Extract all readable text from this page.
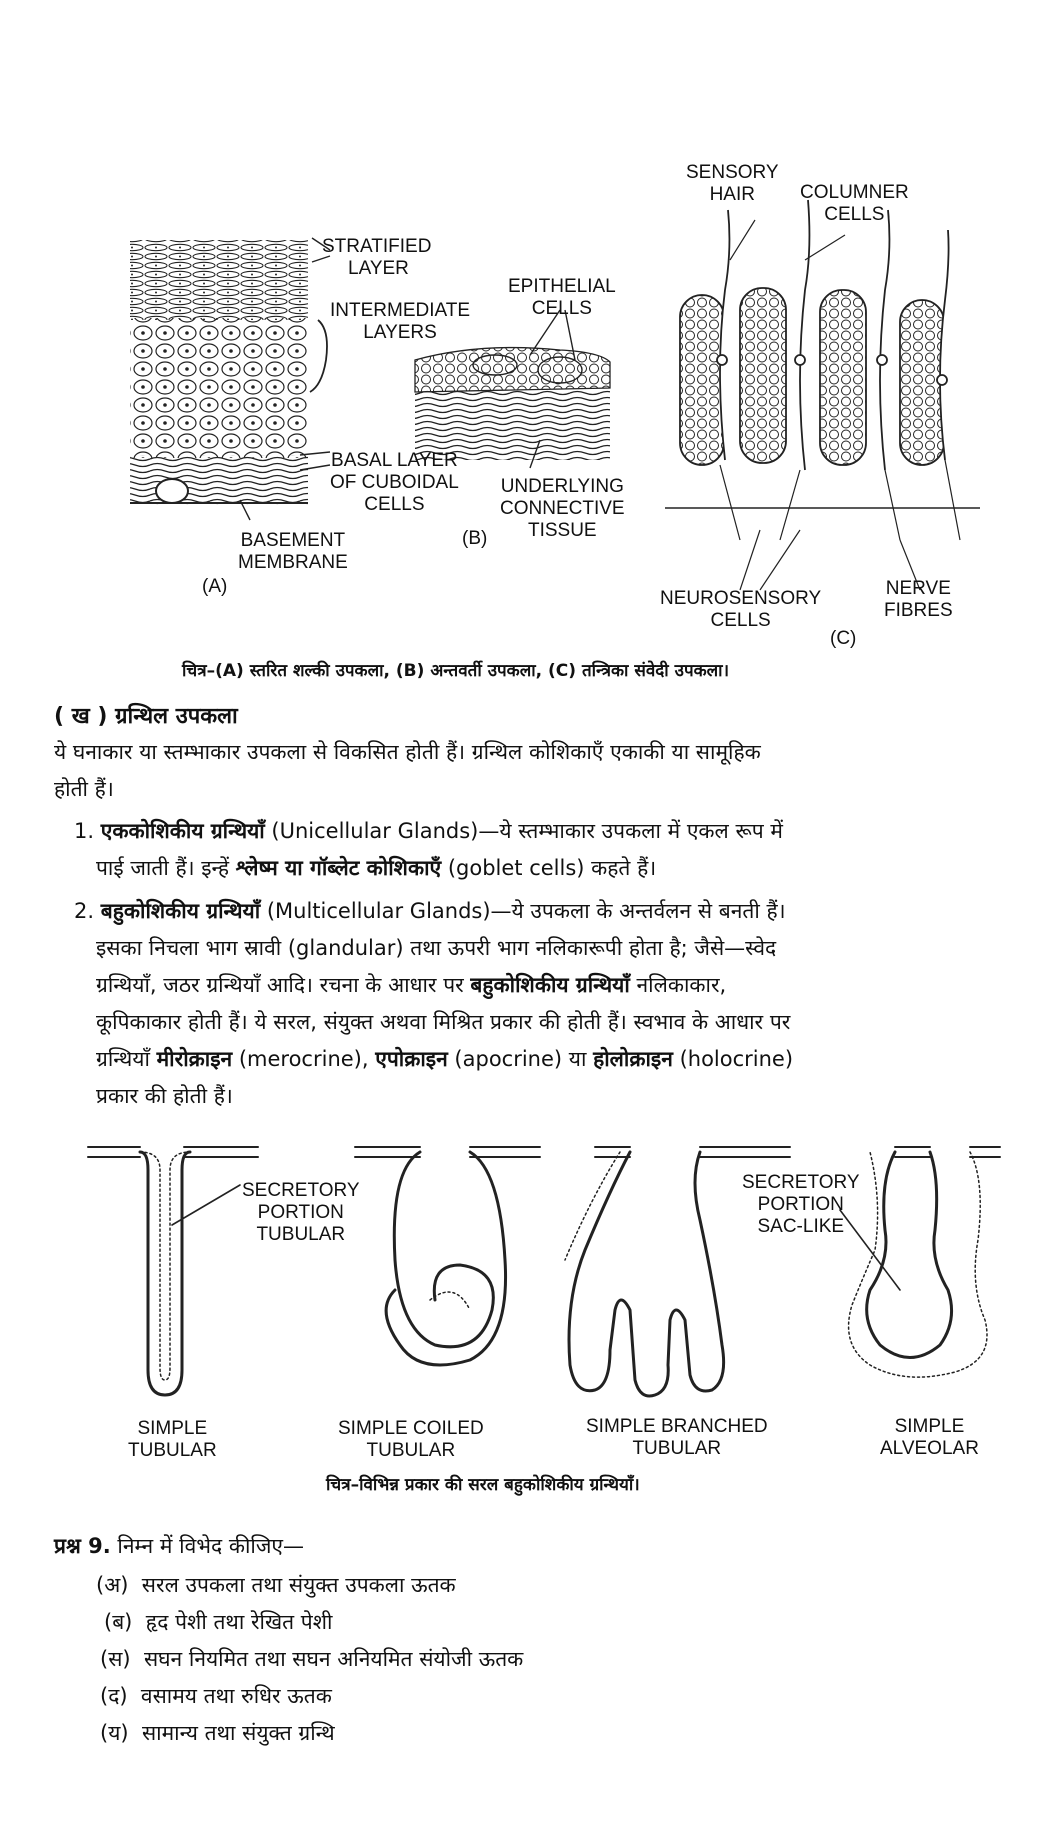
STRATIFIED
LAYER
INTERMEDIATE
LAYERS
EPITHELIAL
CELLS
BASAL LAYER
OF CUBOIDAL
CELLS
UNDERLYING
CONNECTIVE
TISSUE
BASEMENT
MEMBRANE
(A)
(B)
(C)
SENSORY
HAIR	COLUMNER
CELLS
NEUROSENSORY
CELLS
NERVE
FIBRES
चित्र–(A) स्तरित शल्की उपकला, (B) अन्तवर्ती उपकला, (C) तन्त्रिका संवेदी उपकला।
( ख ) ग्रन्थिल उपकला
ये घनाकार या स्तम्भाकार उपकला से विकसित होती हैं। ग्रन्थिल कोशिकाएँ एकाकी या सामूहिक
होती हैं।
1. एककोशिकीय ग्रन्थियाँ (Unicellular Glands)—ये स्तम्भाकार उपकला में एकल रूप में
पाई जाती हैं। इन्हें श्लेष्म या गॉब्लेट कोशिकाएँ (goblet cells) कहते हैं।
2. बहुकोशिकीय ग्रन्थियाँ (Multicellular Glands)—ये उपकला के अन्तर्वलन से बनती हैं।
इसका निचला भाग स्रावी (glandular) तथा ऊपरी भाग नलिकारूपी होता है; जैसे—स्वेद
ग्रन्थियाँ, जठर ग्रन्थियाँ आदि। रचना के आधार पर बहुकोशिकीय ग्रन्थियाँ नलिकाकार,
कूपिकाकार होती हैं। ये सरल, संयुक्त अथवा मिश्रित प्रकार की होती हैं। स्वभाव के आधार पर
ग्रन्थियाँ मीरोक्राइन (merocrine), एपोक्राइन (apocrine) या होलोक्राइन (holocrine)
प्रकार की होती हैं।
SECRETORY
PORTION
TUBULAR
SECRETORY
PORTION
SAC-LIKE
SIMPLE
TUBULAR
SIMPLE COILED
TUBULAR
SIMPLE BRANCHED
TUBULAR
SIMPLE
ALVEOLAR
चित्र–विभिन्न प्रकार की सरल बहुकोशिकीय ग्रन्थियाँ।
प्रश्न 9. निम्न में विभेद कीजिए—
(अ) सरल उपकला तथा संयुक्त उपकला ऊतक
(ब) हृद पेशी तथा रेखित पेशी
(स) सघन नियमित तथा सघन अनियमित संयोजी ऊतक
(द) वसामय तथा रुधिर ऊतक
(य) सामान्य तथा संयुक्त ग्रन्थि
